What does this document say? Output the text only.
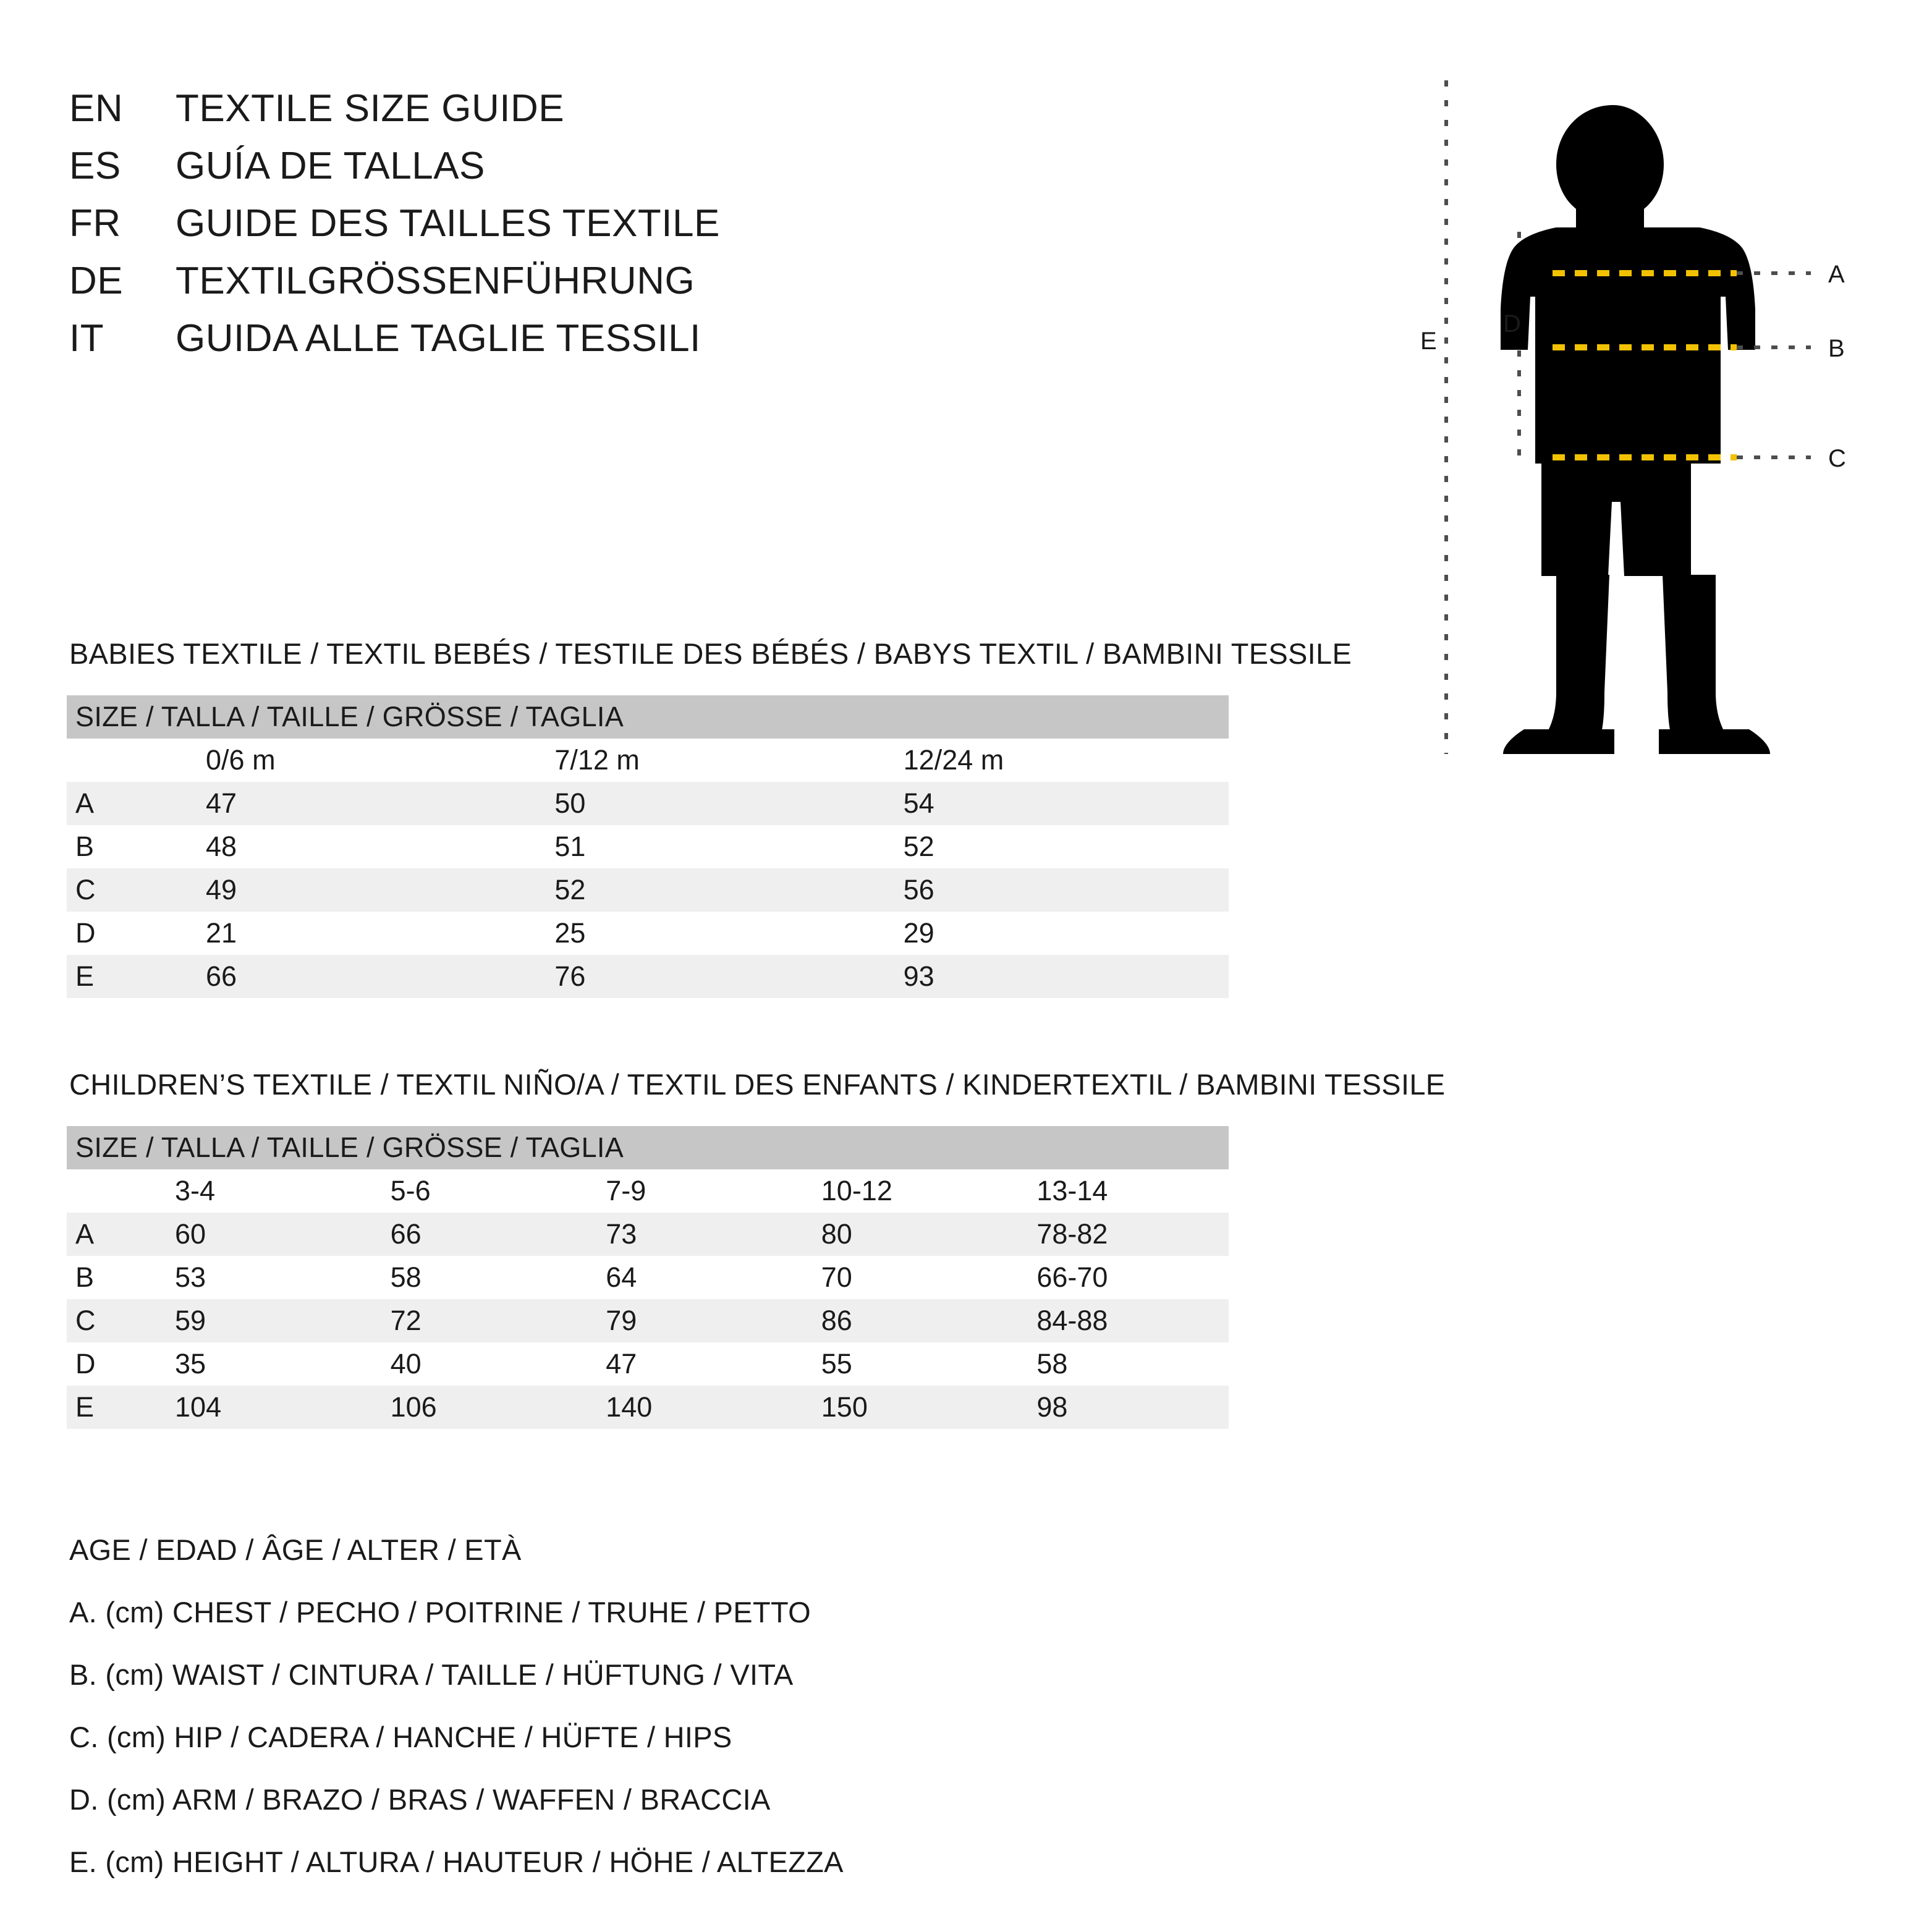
EN	TEXTILE SIZE GUIDE
ES	GUÍA DE TALLAS
FR	GUIDE DES TAILLES TEXTILE
DE	TEXTILGRÖSSENFÜHRUNG
IT	GUIDA ALLE TAGLIE TESSILI
A
B
C
D
E
BABIES TEXTILE / TEXTIL BEBÉS / TESTILE DES BÉBÉS / BABYS TEXTIL / BAMBINI TESSILE
SIZE / TALLA / TAILLE / GRÖSSE / TAGLIA			
	0/6 m	7/12 m	12/24 m
A	47	50	54
B	48	51	52
C	49	52	56
D	21	25	29
E	66	76	93
CHILDREN’S TEXTILE / TEXTIL NIÑO/A / TEXTIL DES ENFANTS / KINDERTEXTIL / BAMBINI TESSILE
SIZE / TALLA / TAILLE / GRÖSSE / TAGLIA					
	3-4	5-6	7-9	10-12	13-14
A	60	66	73	80	78-82
B	53	58	64	70	66-70
C	59	72	79	86	84-88
D	35	40	47	55	58
E	104	106	140	150	98
AGE / EDAD / ÂGE / ALTER / ETÀ
A. (cm) CHEST / PECHO / POITRINE / TRUHE / PETTO
B. (cm) WAIST / CINTURA / TAILLE / HÜFTUNG / VITA
C. (cm) HIP / CADERA / HANCHE / HÜFTE / HIPS
D. (cm) ARM / BRAZO / BRAS / WAFFEN / BRACCIA
E. (cm) HEIGHT / ALTURA / HAUTEUR / HÖHE / ALTEZZA
